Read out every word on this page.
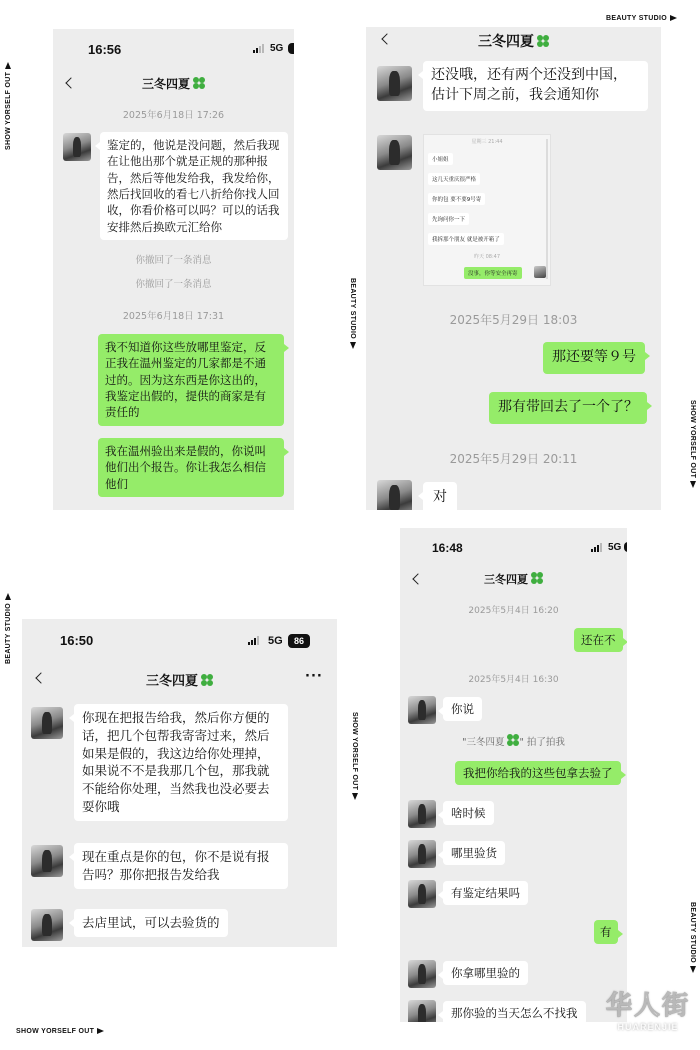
BEAUTY STUDIO
SHOW YORSELF OUT
BEAUTY STUDIO
SHOW YORSELF OUT
BEAUTY STUDIO
SHOW YORSELF OUT
BEAUTY STUDIO
SHOW YORSELF OUT
16:56	5G
三冬四夏
2025年6月18日 17:26
鉴定的，他说是没问题，然后我现在让他出那个就是正规的那种报告，然后等他发给我，我发给你，然后找回收的看七八折给你找人回收，你看价格可以吗？可以的话我安排然后换欧元汇给你
你撤回了一条消息
你撤回了一条消息
2025年6月18日 17:31
我不知道你这些放哪里鉴定，反正我在温州鉴定的几家都是不通过的。因为这东西是你这出的，我鉴定出假的，提供的商家是有责任的
我在温州验出来是假的，你说叫他们出个报告。你让我怎么相信他们
三冬四夏
还没哦，还有两个还没到中国，估计下周之前，我会通知你
星期三 21:44
小姐姐
这几天重庆很严格
你的包 要不要9号寄
先询问你一下
我拆那个朋友 就是被开箱了
昨天 08:47
没事，你等安全再寄
2025年5月29日 18:03
那还要等９号
那有带回去了一个了？
2025年5月29日 20:11
对
16:50	5G	86
三冬四夏	···
你现在把报告给我，然后你方便的话，把几个包帮我寄寄过来，然后如果是假的，我这边给你处理掉，如果说不不是我那几个包，那我就不能给你处理，当然我也没必要去耍你哦
现在重点是你的包，你不是说有报告吗？那你把报告发给我
去店里试，可以去验货的
16:48	5G
三冬四夏
2025年5月4日 16:20
还在不
2025年5月4日 16:30
你说
"三冬四夏 " 拍了拍我
我把你给我的这些包拿去验了
啥时候
哪里验货
有鉴定结果吗
有
你拿哪里验的
那你验的当天怎么不找我	华人街
HUARENJIE
